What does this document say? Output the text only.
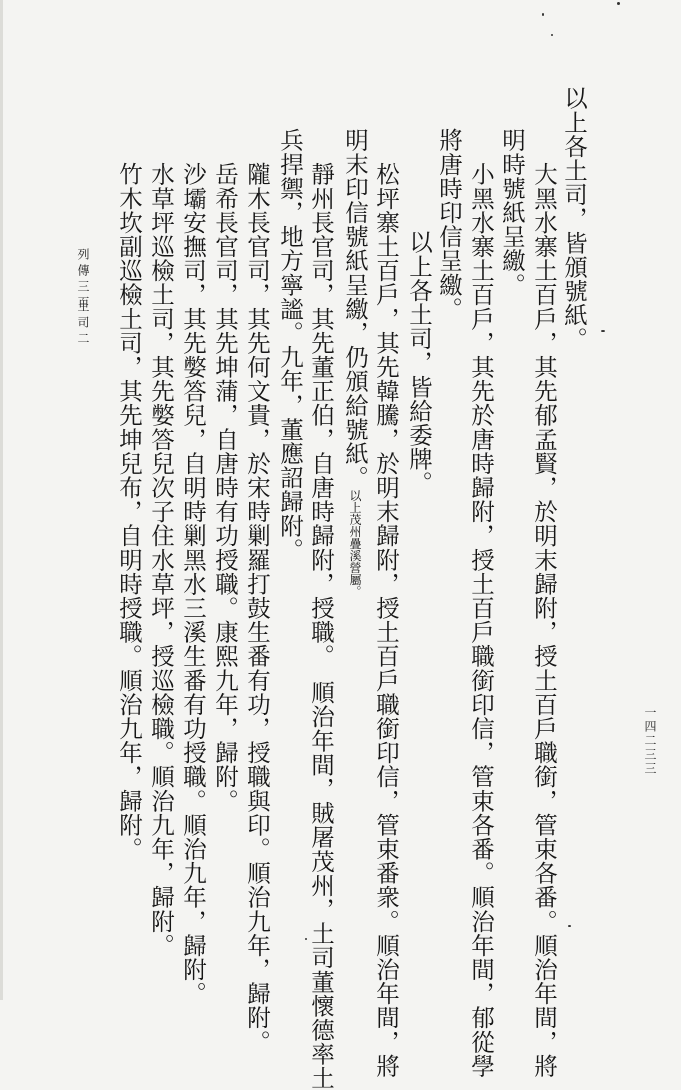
以上各土司，皆頒號紙。
大黑水寨土百戶，其先郁孟賢，於明末歸附，授土百戶職銜，管束各番。順治年間，將
明時號紙呈繳。
小黑水寨土百戶，其先於唐時歸附，授土百戶職銜印信，管束各番。順治年間，郁從學
將唐時印信呈繳。
以上各土司，皆給委牌。
松坪寨土百戶，其先韓騰，於明末歸附，授土百戶職銜印信，管束番衆。順治年間，將
明末印信號紙呈繳，仍頒給號紙。以上茂州疊溪營屬。
靜州長官司，其先董正伯，自唐時歸附，授職。　順治年間，賊屠茂州，土司董懷德率土
兵捍禦，地方寧謐。九年，董應詔歸附。
隴木長官司，其先何文貴，於宋時剿羅打鼓生番有功，授職與印。順治九年，歸附。
岳希長官司，其先坤蒲，自唐時有功授職。康熙九年，歸附。
沙壩安撫司，其先嫳答兒，自明時剿黑水三溪生番有功授職。順治九年，歸附。
水草坪巡檢土司，其先嫳答兒次子住水草坪，授巡檢職。順治九年，歸附。
竹木坎副巡檢土司，其先坤兒布，自明時授職。順治九年，歸附。
列傳三百
土司二
一四二三三
